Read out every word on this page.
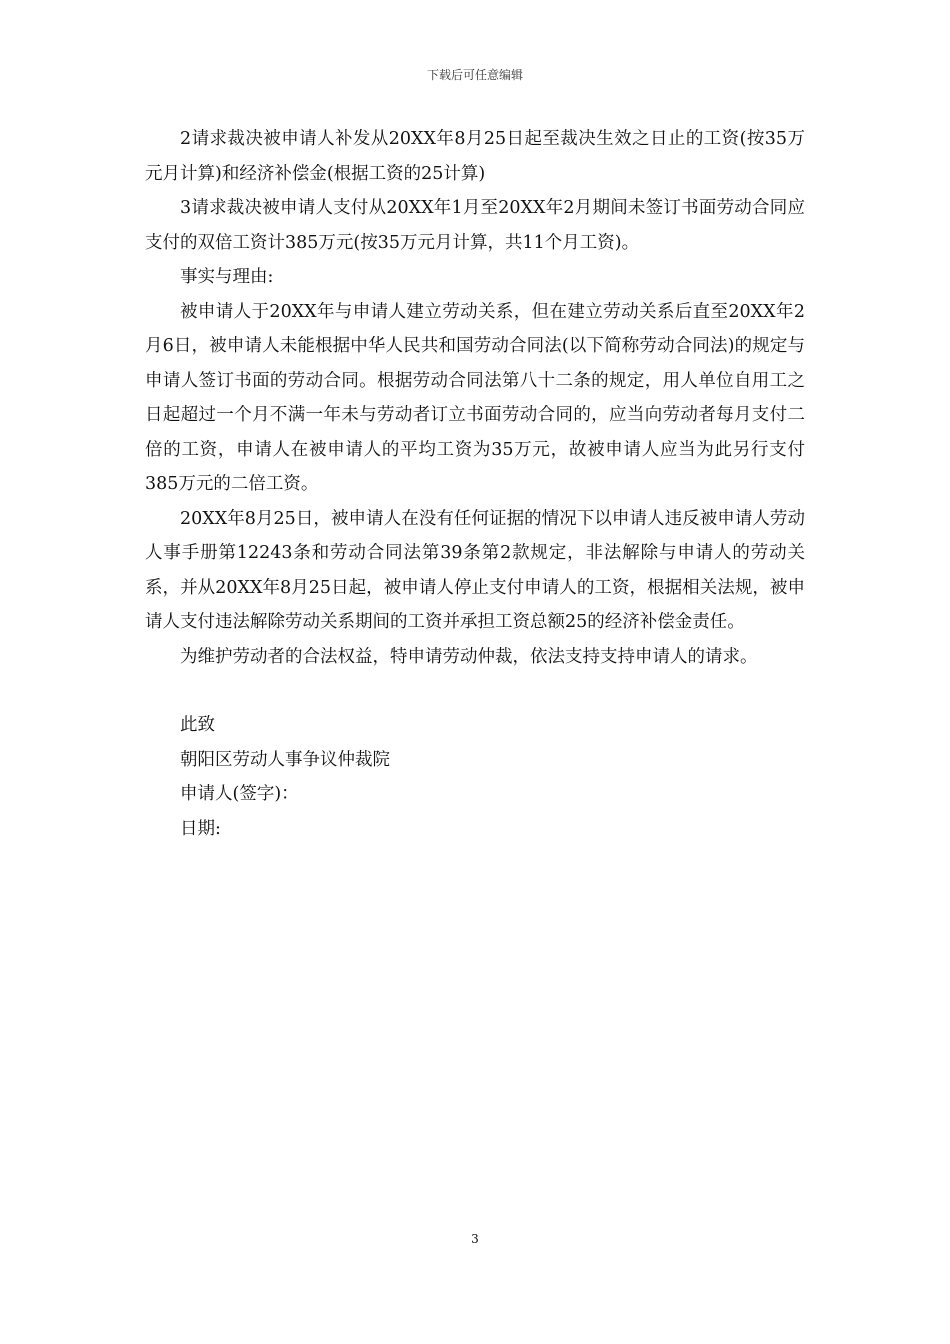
下载后可任意编辑

2请求裁决被申请人补发从20XX年8月25日起至裁决生效之日止的工资(按35万元月计算)和经济补偿金(根据工资的25计算)

3请求裁决被申请人支付从20XX年1月至20XX年2月期间未签订书面劳动合同应支付的双倍工资计385万元(按35万元月计算，共11个月工资)。

事实与理由:

被申请人于20XX年与申请人建立劳动关系，但在建立劳动关系后直至20XX年2月6日，被申请人未能根据中华人民共和国劳动合同法(以下简称劳动合同法)的规定与申请人签订书面的劳动合同。根据劳动合同法第八十二条的规定，用人单位自用工之日起超过一个月不满一年未与劳动者订立书面劳动合同的，应当向劳动者每月支付二倍的工资，申请人在被申请人的平均工资为35万元，故被申请人应当为此另行支付385万元的二倍工资。

20XX年8月25日，被申请人在没有任何证据的情况下以申请人违反被申请人劳动人事手册第12243条和劳动合同法第39条第2款规定，非法解除与申请人的劳动关系，并从20XX年8月25日起，被申请人停止支付申请人的工资，根据相关法规，被申请人支付违法解除劳动关系期间的工资并承担工资总额25的经济补偿金责任。

为维护劳动者的合法权益，特申请劳动仲裁，依法支持支持申请人的请求。

此致

朝阳区劳动人事争议仲裁院

申请人(签字)：

日期:

3
